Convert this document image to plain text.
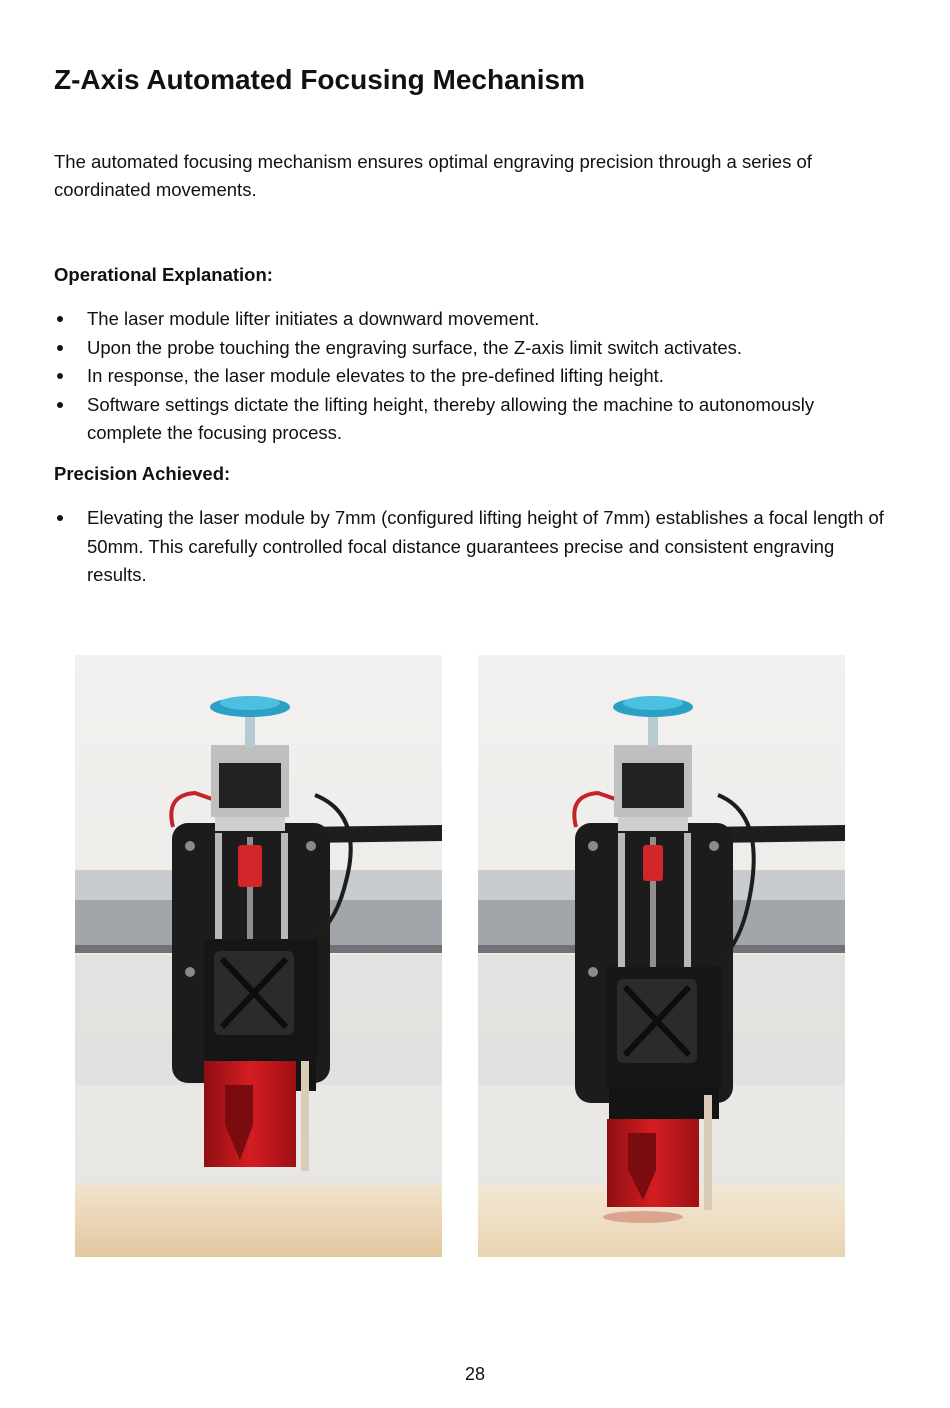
Z-Axis Automated Focusing Mechanism

The automated focusing mechanism ensures optimal engraving precision through a series of coordinated movements.

Operational Explanation:
The laser module lifter initiates a downward movement.
Upon the probe touching the engraving surface, the Z-axis limit switch activates.
In response, the laser module elevates to the pre-defined lifting height.
Software settings dictate the lifting height, thereby allowing the machine to autonomously complete the focusing process.
Precision Achieved:
Elevating the laser module by 7mm (configured lifting height of 7mm) establishes a focal length of 50mm. This carefully controlled focal distance guarantees precise and consistent engraving results.
28
